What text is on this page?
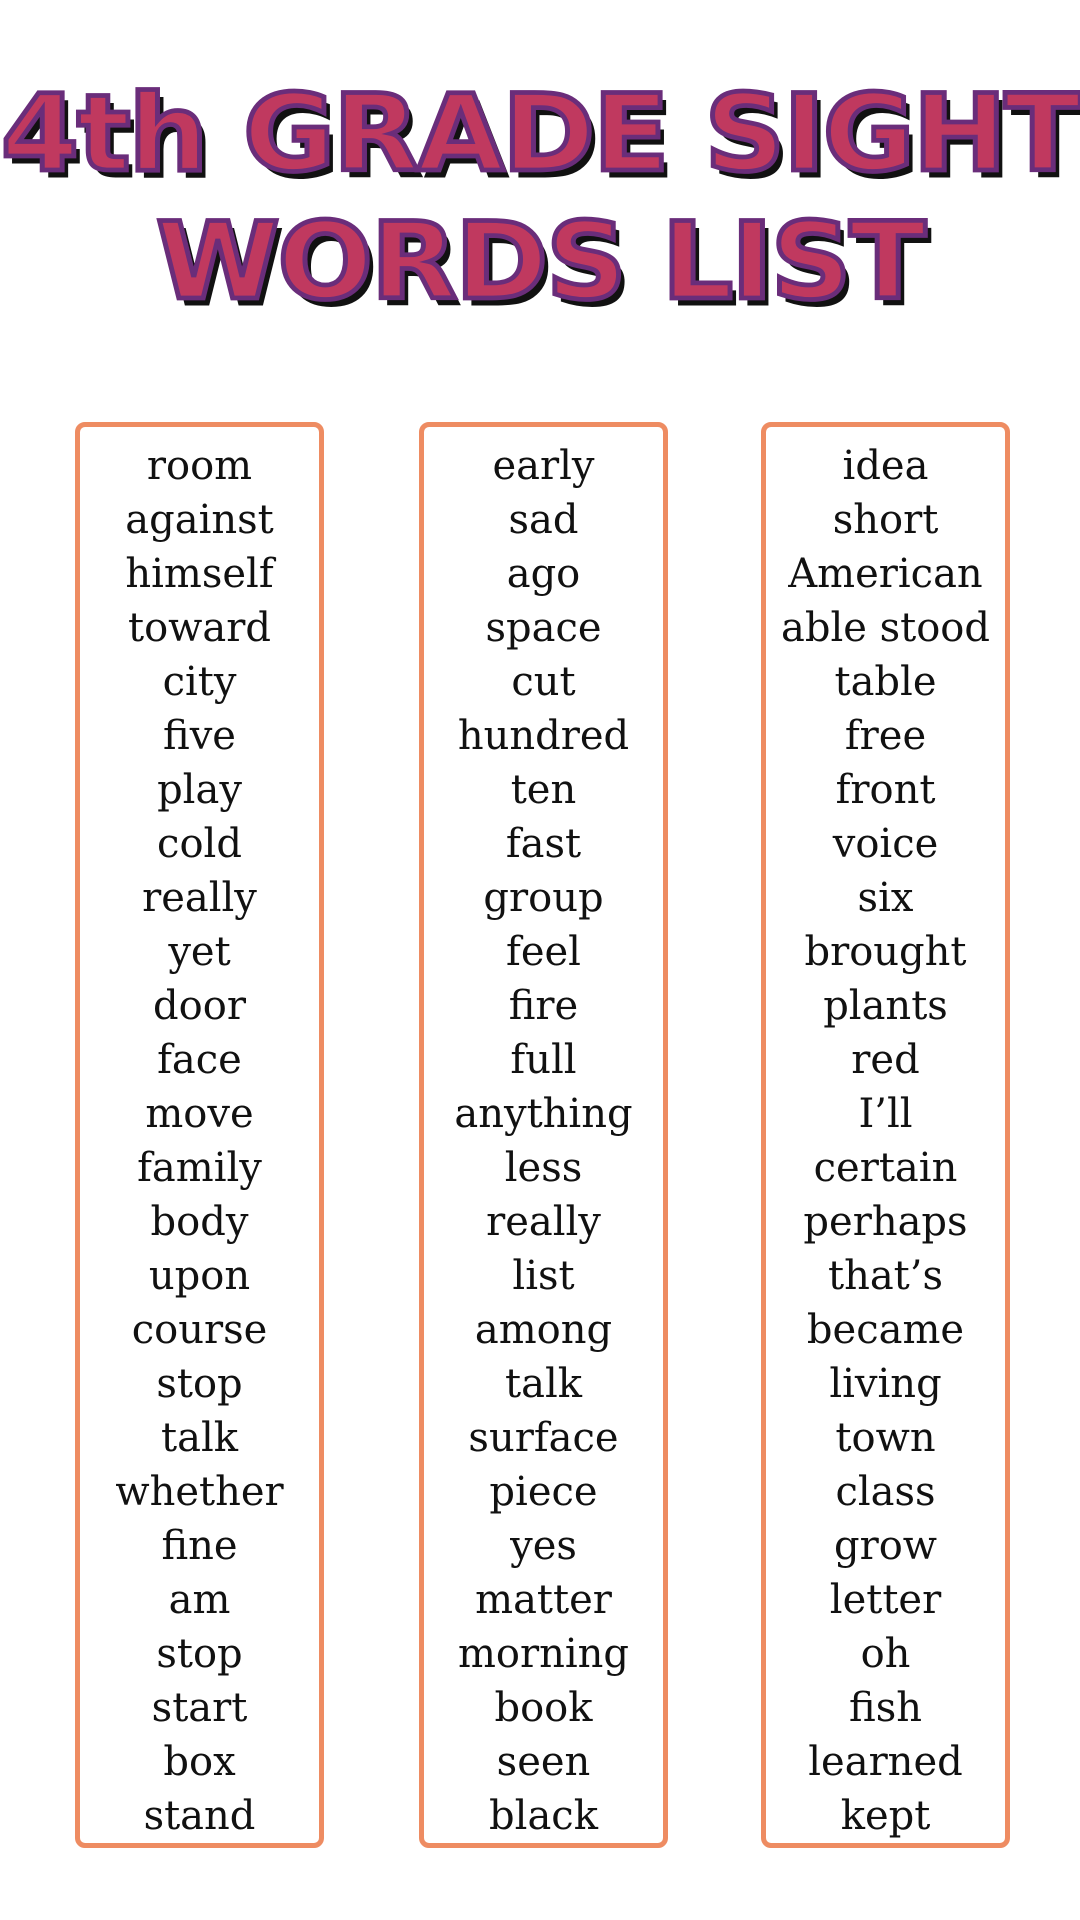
4th GRADE SIGHT
WORDS LIST
room
against
himself
toward
city
five
play
cold
really
yet
door
face
move
family
body
upon
course
stop
talk
whether
fine
am
stop
start
box
stand
early
sad
ago
space
cut
hundred
ten
fast
group
feel
fire
full
anything
less
really
list
among
talk
surface
piece
yes
matter
morning
book
seen
black
idea
short
American
able stood
table
free
front
voice
six
brought
plants
red
I’ll
certain
perhaps
that’s
became
living
town
class
grow
letter
oh
fish
learned
kept
